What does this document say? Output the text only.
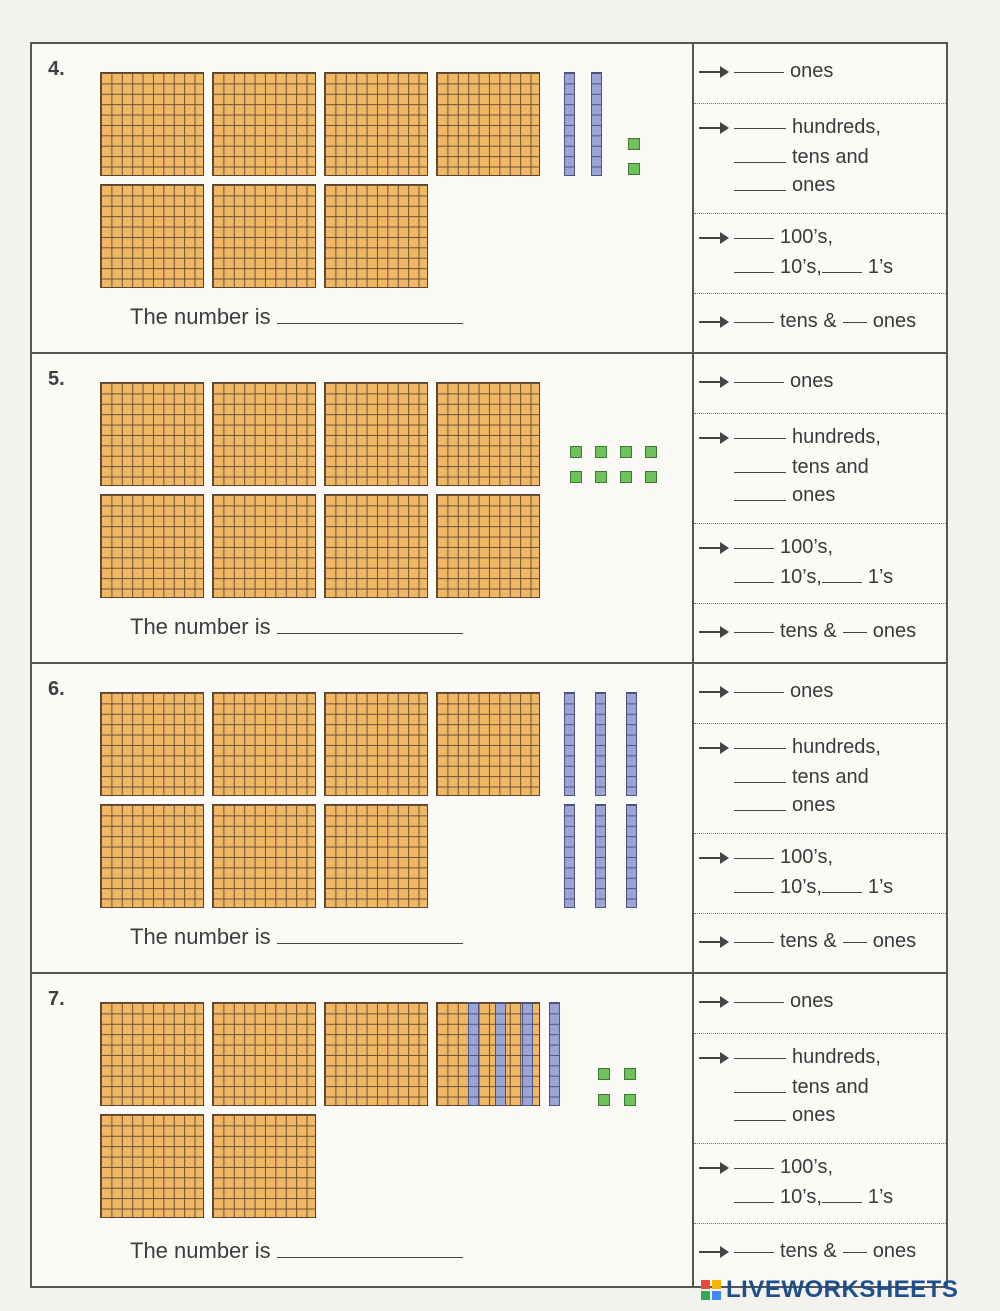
4.
The number is
ones
hundreds,
tens and
ones
100’s,
10’s, 1’s
tens & ones
5.
The number is
ones
hundreds,
tens and
ones
100’s,
10’s, 1’s
tens & ones
6.
The number is
ones
hundreds,
tens and
ones
100’s,
10’s, 1’s
tens & ones
7.
The number is
ones
hundreds,
tens and
ones
100’s,
10’s, 1’s
tens & ones
LIVEWORKSHEETS
